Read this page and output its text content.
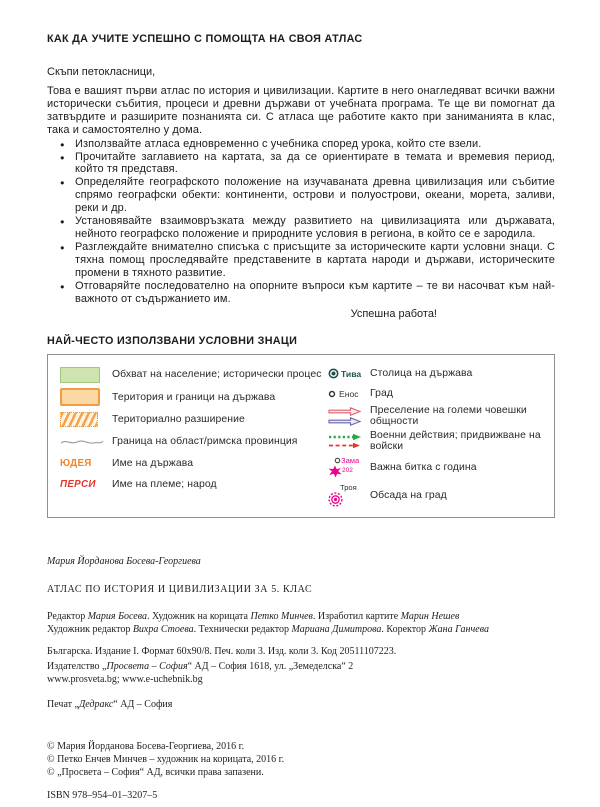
КАК ДА УЧИТЕ УСПЕШНО С ПОМОЩТА НА СВОЯ АТЛАС

Скъпи петокласници,

Това е вашият първи атлас по история и цивилизации. Картите в него онагледяват всички важни исторически събития, процеси и древни държави от учебната програма. Те ще ви помогнат да затвърдите и разширите познанията си. С атласа ще работите както при заниманията в клас, така и самостоятелно у дома.

● Използвайте атласа едновременно с учебника според урока, който сте взели.
● Прочитайте заглавието на картата, за да се ориентирате в темата и времевия период, който тя представя.
● Определяйте географското положение на изучаваната древна цивилизация или събитие спрямо географски обекти: континенти, острови и полуострови, океани, морета, заливи, реки и др.
● Установявайте взаимовръзката между развитието на цивилизацията или държавата, нейното географско положение и природните условия в региона, в който се е зародила.
● Разглеждайте внимателно списъка с присъщите за историческите карти условни знаци. С тяхна помощ проследявайте представените в картата народи и държави, историческите промени в тяхното развитие.
● Отговаряйте последователно на опорните въпроси към картите – те ви насочват към най-важното от съдържанието им.

Успешна работа!

НАЙ-ЧЕСТО ИЗПОЛЗВАНИ УСЛОВНИ ЗНАЦИ
Обхват на население; исторически процес
Територия и граници на държава
Териториално разширение
Граница на област/римска провинция
ЮДЕЯ Име на държава
ПЕРСИ Име на племе; народ
Тива Столица на държава
Енос Град
Преселение на големи човешки общности
Военни действия; придвижване на войски
Зама
202 Важна битка с година
Троя
Обсада на град
Мария Йорданова Босева-Георгиева
АТЛАС ПО ИСТОРИЯ И ЦИВИЛИЗАЦИИ ЗА 5. КЛАС
Редактор Мария Босева. Художник на корицата Петко Минчев. Изработил картите Марин Нешев
Художник редактор Вихра Стоева. Технически редактор Мариана Димитрова. Коректор Жана Ганчева
Българска. Издание I. Формат 60х90/8. Печ. коли 3. Изд. коли 3. Код 20511107223.
Издателство „Просвета – София“ АД – София 1618, ул. „Земеделска“ 2
www.prosveta.bg; www.e-uchebnik.bg
Печат „Дедракс“ АД – София
© Мария Йорданова Босева-Георгиева, 2016 г.
© Петко Енчев Минчев – художник на корицата, 2016 г.
© „Просвета – София“ АД, всички права запазени.
ISBN 978–954–01–3207–5
